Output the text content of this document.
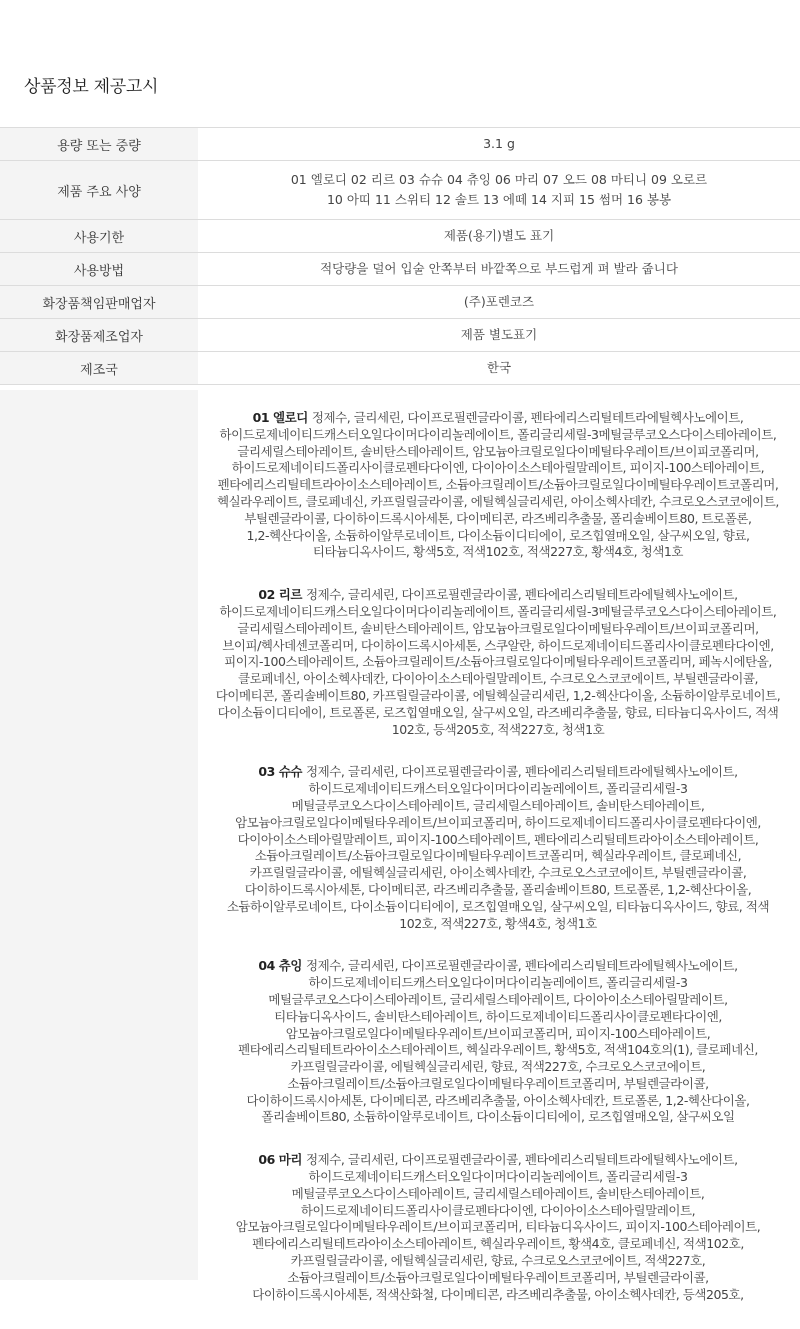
상품정보 제공고시
용량 또는 중량	3.1 g
제품 주요 사양	01 엘로디 02 리르 03 슈슈 04 츄잉 06 마리 07 오드 08 마티니 09 오로르
10 아띠 11 스위티 12 솔트 13 에떼 14 지피 15 썸머 16 봉봉

사용기한	제품(용기)별도 표기
사용방법	적당량을 덜어 입술 안쪽부터 바깥쪽으로 부드럽게 펴 발라 줍니다
화장품책임판매업자	(주)포렌코즈
화장품제조업자	제품 별도표기
제조국	한국
01 엘로디 정제수, 글리세린, 다이프로필렌글라이콜, 펜타에리스리틸테트라에틸헥사노에이트,
하이드로제네이티드캐스터오일다이머다이리놀레에이트, 폴리글리세릴-3메틸글루코오스다이스테아레이트,
글리세릴스테아레이트, 솔비탄스테아레이트, 암모늄아크릴로일다이메틸타우레이트/브이피코폴리머,
하이드로제네이티드폴리사이클로펜타다이엔, 다이아이소스테아릴말레이트, 피이지-100스테아레이트,
펜타에리스리틸테트라아이소스테아레이트, 소듐아크릴레이트/소듐아크릴로일다이메틸타우레이트코폴리머,
헥실라우레이트, 클로페네신, 카프릴릴글라이콜, 에틸헥실글리세린, 아이소헥사데칸, 수크로오스코코에이트,
부틸렌글라이콜, 다이하이드록시아세톤, 다이메티콘, 라즈베리추출물, 폴리솔베이트80, 트로폴론,
1,2-헥산다이올, 소듐하이알루로네이트, 다이소듐이디티에이, 로즈힙열매오일, 살구씨오일, 향료,
티타늄디옥사이드, 황색5호, 적색102호, 적색227호, 황색4호, 청색1호
02 리르 정제수, 글리세린, 다이프로필렌글라이콜, 펜타에리스리틸테트라에틸헥사노에이트,
하이드로제네이티드캐스터오일다이머다이리놀레에이트, 폴리글리세릴-3메틸글루코오스다이스테아레이트,
글리세릴스테아레이트, 솔비탄스테아레이트, 암모늄아크릴로일다이메틸타우레이트/브이피코폴리머,
브이피/헥사데센코폴리머, 다이하이드록시아세톤, 스쿠알란, 하이드로제네이티드폴리사이클로펜타다이엔,
피이지-100스테아레이트, 소듐아크릴레이트/소듐아크릴로일다이메틸타우레이트코폴리머, 페녹시에탄올,
클로페네신, 아이소헥사데칸, 다이아이소스테아릴말레이트, 수크로오스코코에이트, 부틸렌글라이콜,
다이메티콘, 폴리솔베이트80, 카프릴릴글라이콜, 에틸헥실글리세린, 1,2-헥산다이올, 소듐하이알루로네이트,
다이소듐이디티에이, 트로폴론, 로즈힙열매오일, 살구씨오일, 라즈베리추출물, 향료, 티타늄디옥사이드, 적색
102호, 등색205호, 적색227호, 청색1호
03 슈슈 정제수, 글리세린, 다이프로필렌글라이콜, 펜타에리스리틸테트라에틸헥사노에이트,
하이드로제네이티드캐스터오일다이머다이리놀레에이트, 폴리글리세릴-3
메틸글루코오스다이스테아레이트, 글리세릴스테아레이트, 솔비탄스테아레이트,
암모늄아크릴로일다이메틸타우레이트/브이피코폴리머, 하이드로제네이티드폴리사이클로펜타다이엔,
다이아이소스테아릴말레이트, 피이지-100스테아레이트, 펜타에리스리틸테트라아이소스테아레이트,
소듐아크릴레이트/소듐아크릴로일다이메틸타우레이트코폴리머, 헥실라우레이트, 클로페네신,
카프릴릴글라이콜, 에틸헥실글리세린, 아이소헥사데칸, 수크로오스코코에이트, 부틸렌글라이콜,
다이하이드록시아세톤, 다이메티콘, 라즈베리추출물, 폴리솔베이트80, 트로폴론, 1,2-헥산다이올,
소듐하이알루로네이트, 다이소듐이디티에이, 로즈힙열매오일, 살구씨오일, 티타늄디옥사이드, 향료, 적색
102호, 적색227호, 황색4호, 청색1호
04 츄잉 정제수, 글리세린, 다이프로필렌글라이콜, 펜타에리스리틸테트라에틸헥사노에이트,
하이드로제네이티드캐스터오일다이머다이리놀레에이트, 폴리글리세릴-3
메틸글루코오스다이스테아레이트, 글리세릴스테아레이트, 다이아이소스테아릴말레이트,
티타늄디옥사이드, 솔비탄스테아레이트, 하이드로제네이티드폴리사이클로펜타다이엔,
암모늄아크릴로일다이메틸타우레이트/브이피코폴리머, 피이지-100스테아레이트,
펜타에리스리틸테트라아이소스테아레이트, 헥실라우레이트, 황색5호, 적색104호의(1), 클로페네신,
카프릴릴글라이콜, 에틸헥실글리세린, 향료, 적색227호, 수크로오스코코에이트,
소듐아크릴레이트/소듐아크릴로일다이메틸타우레이트코폴리머, 부틸렌글라이콜,
다이하이드록시아세톤, 다이메티콘, 라즈베리추출물, 아이소헥사데칸, 트로폴론, 1,2-헥산다이올,
폴리솔베이트80, 소듐하이알루로네이트, 다이소듐이디티에이, 로즈힙열매오일, 살구씨오일
06 마리 정제수, 글리세린, 다이프로필렌글라이콜, 펜타에리스리틸테트라에틸헥사노에이트,
하이드로제네이티드캐스터오일다이머다이리놀레에이트, 폴리글리세릴-3
메틸글루코오스다이스테아레이트, 글리세릴스테아레이트, 솔비탄스테아레이트,
하이드로제네이티드폴리사이클로펜타다이엔, 다이아이소스테아릴말레이트,
암모늄아크릴로일다이메틸타우레이트/브이피코폴리머, 티타늄디옥사이드, 피이지-100스테아레이트,
펜타에리스리틸테트라아이소스테아레이트, 헥실라우레이트, 황색4호, 클로페네신, 적색102호,
카프릴릴글라이콜, 에틸헥실글리세린, 향료, 수크로오스코코에이트, 적색227호,
소듐아크릴레이트/소듐아크릴로일다이메틸타우레이트코폴리머, 부틸렌글라이콜,
다이하이드록시아세톤, 적색산화철, 다이메티콘, 라즈베리추출물, 아이소헥사데칸, 등색205호,
